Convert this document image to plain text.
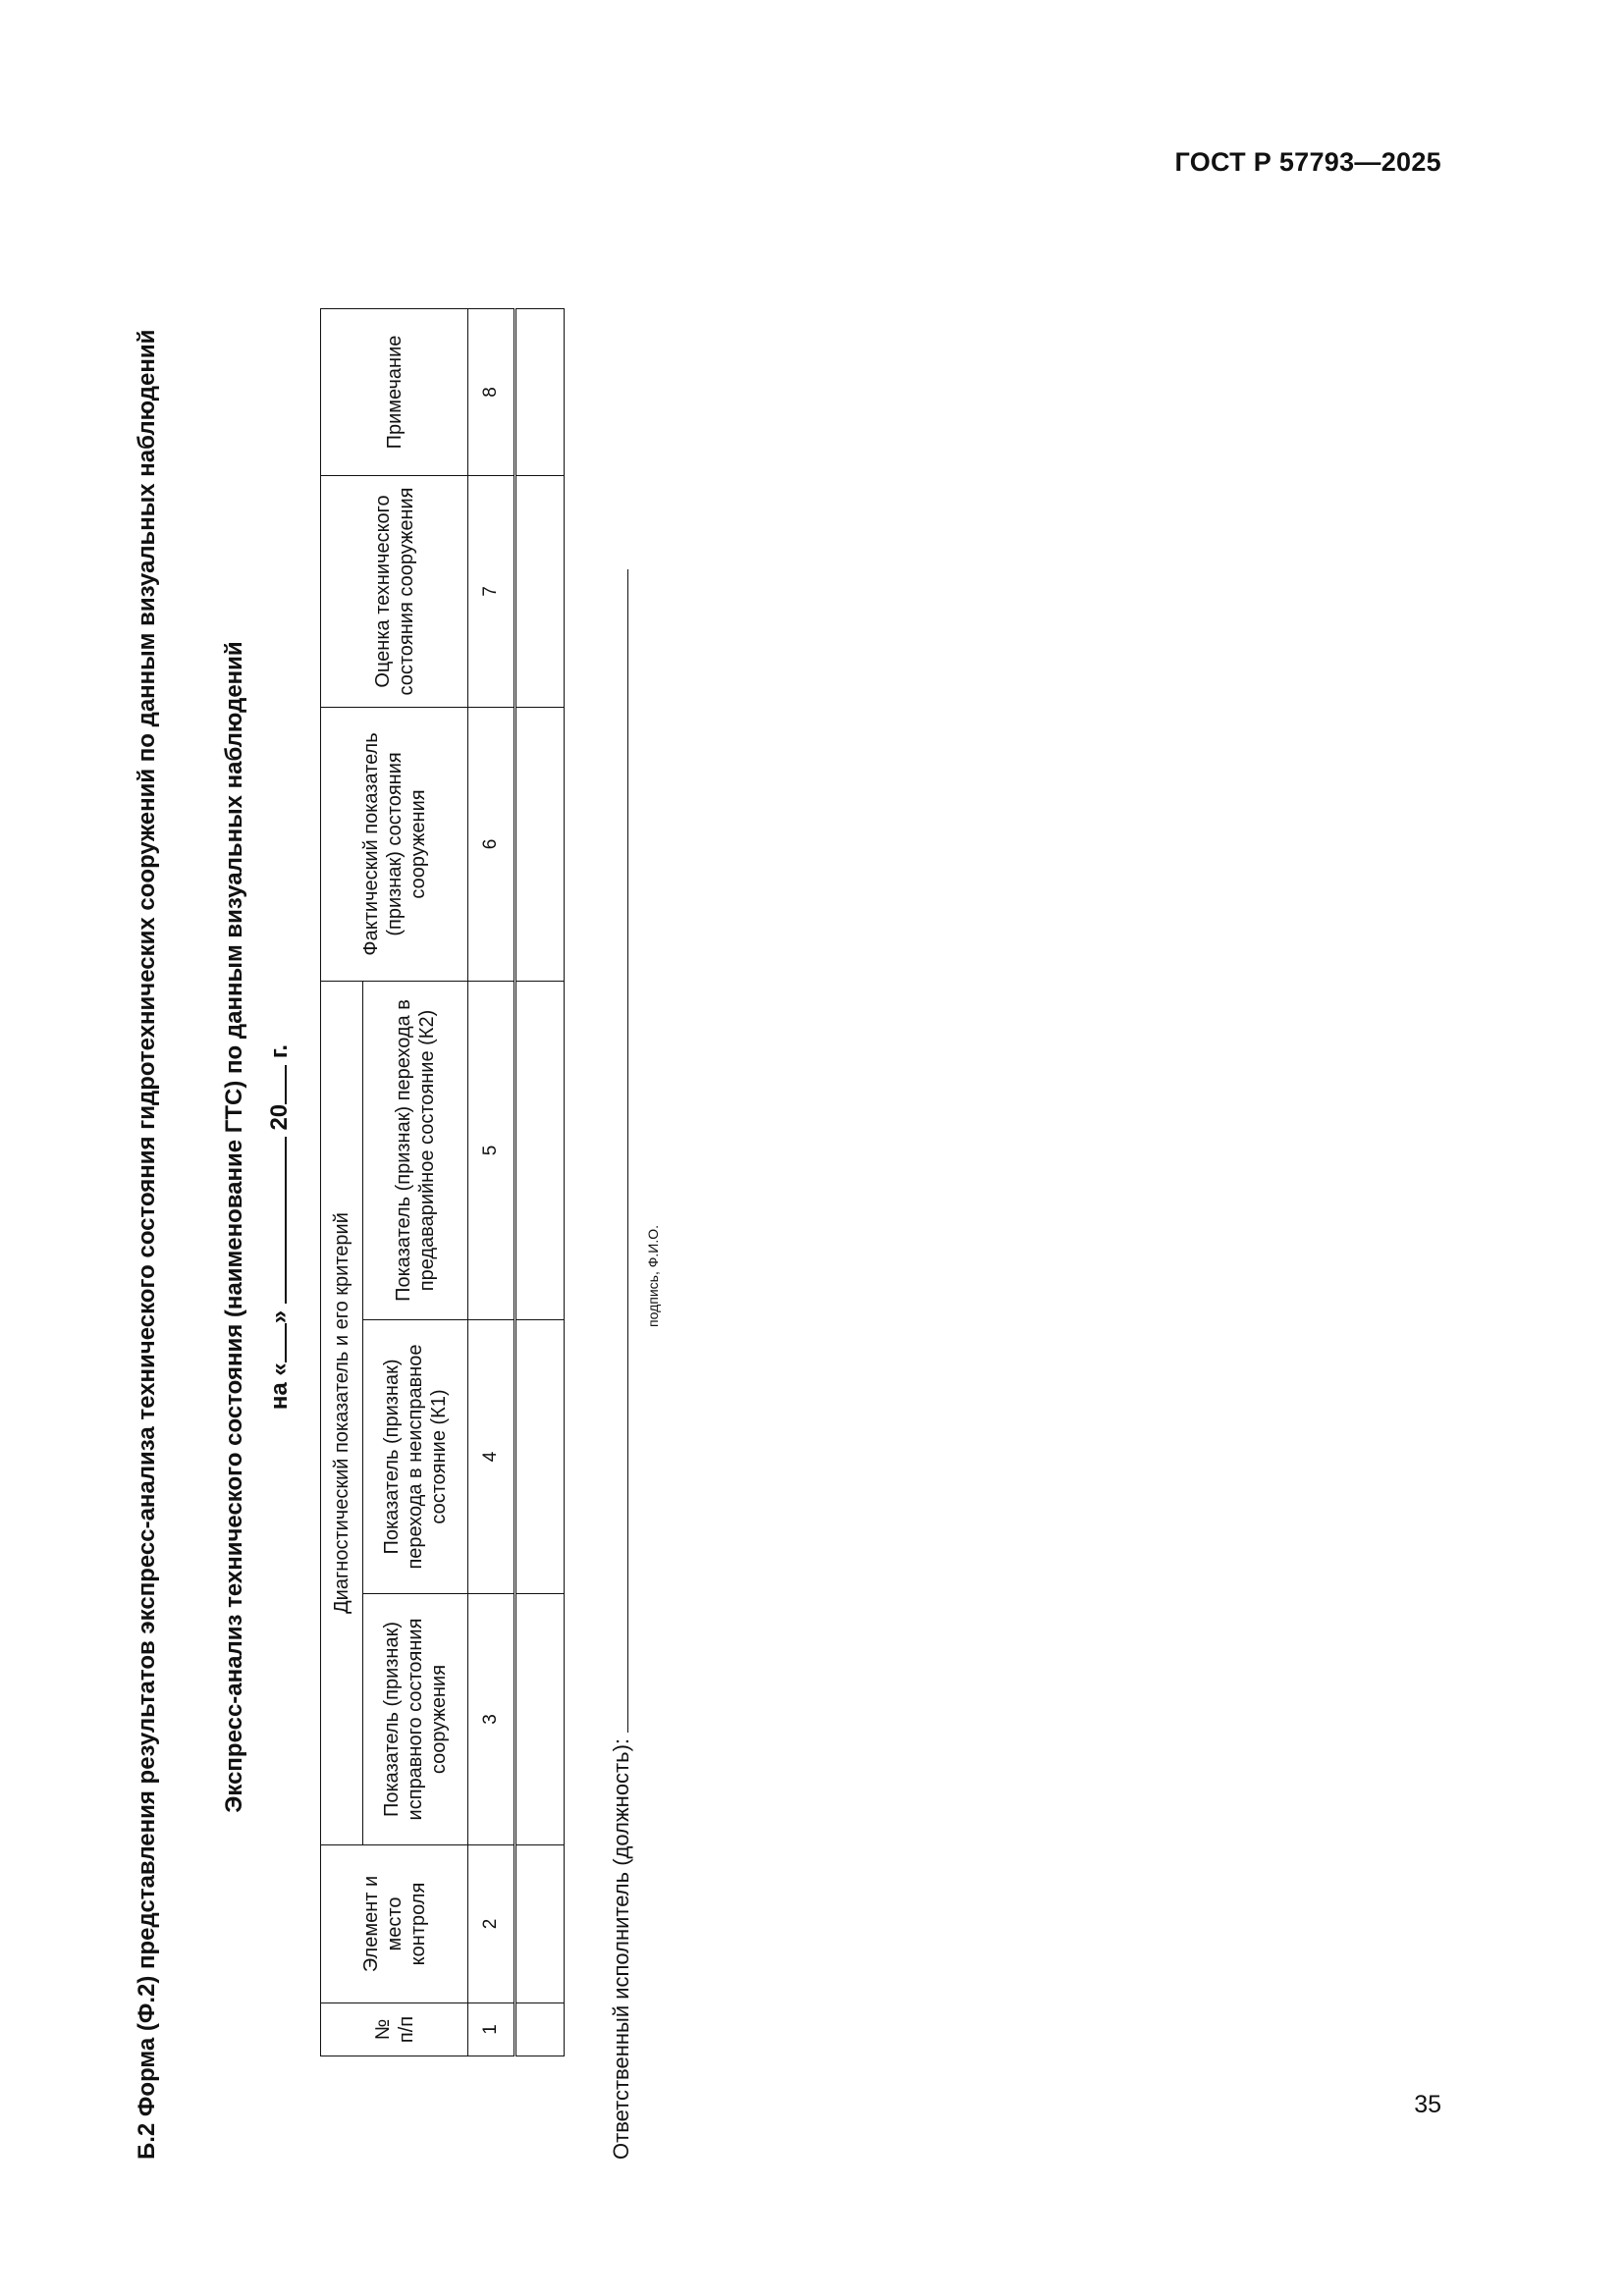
ГОСТ Р 57793—2025
Б.2 Форма (Ф.2) представления результатов экспресс-анализа технического состояния гидротехнических сооружений по данным визуальных наблюдений	Экспресс-анализ технического состояния (наименование ГТС) по данным визуальных наблюдений на «»  20 г.
№ п/п	Элемент и место контроля	Диагностический показатель и его критерий			Фактический показатель (признак) состояния сооружения	Оценка технического состояния сооружения	Примечание
		Показатель (признак) исправного состояния сооружения	Показатель (признак) перехода в неисправное состояние (К1)	Показатель (признак) перехода в предаварийное состояние (К2)			
1	2	3	4	5	6	7	8

Ответственный исполнитель (должность):
подпись, Ф.И.О.
35
